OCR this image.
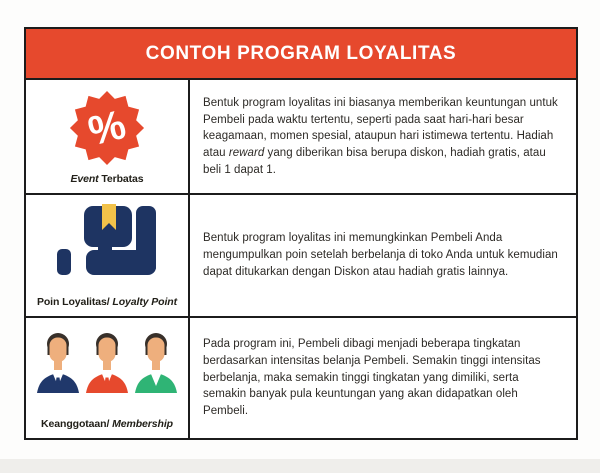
CONTOH PROGRAM LOYALITAS
%
Event Terbatas

Bentuk program loyalitas ini biasanya memberikan keuntungan untuk Pembeli pada waktu tertentu, seperti pada saat hari-hari besar keagamaan, momen spesial, ataupun hari istimewa tertentu. Hadiah atau reward yang diberikan bisa berupa diskon, hadiah gratis, atau beli 1 dapat 1.

Poin Loyalitas/ Loyalty Point

Bentuk program loyalitas ini memungkinkan Pembeli Anda mengumpulkan poin setelah berbelanja di toko Anda untuk kemudian dapat ditukarkan dengan Diskon atau hadiah gratis lainnya.

Keanggotaan/ Membership

Pada program ini, Pembeli dibagi menjadi beberapa tingkatan berdasarkan intensitas belanja Pembeli. Semakin tinggi intensitas berbelanja, maka semakin tinggi tingkatan yang dimiliki, serta semakin banyak pula keuntungan yang akan didapatkan oleh Pembeli.
